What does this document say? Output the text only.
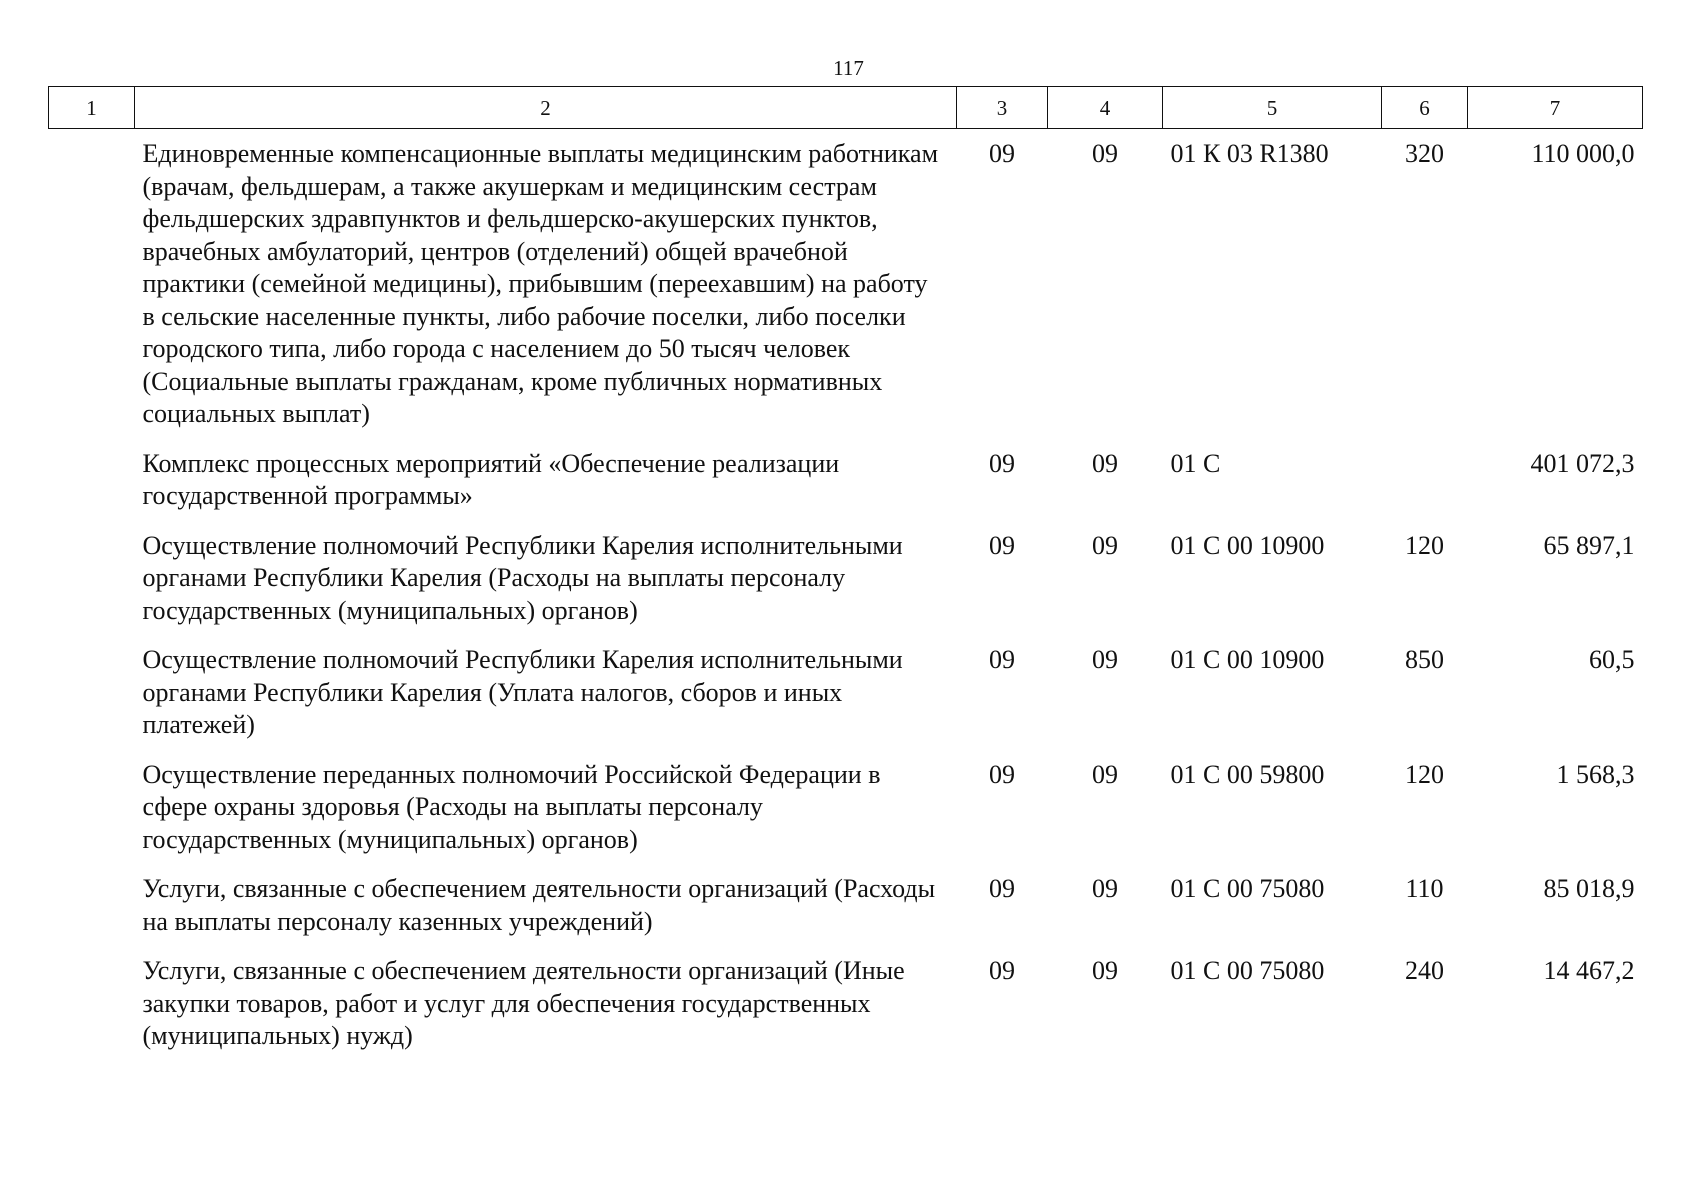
117
1	2	3	4	5	6	7
	Единовременные компенсационные выплаты медицинским работникам (врачам, фельдшерам, а также акушеркам и медицинским сестрам фельдшерских здравпунктов и фельдшерско-акушерских пунктов, врачебных амбулаторий, центров (отделений) общей врачебной практики (семейной медицины), прибывшим (переехавшим) на работу в сельские населенные пункты, либо рабочие поселки, либо поселки городского типа, либо города с населением до 50 тысяч человек (Социальные выплаты гражданам, кроме публичных нормативных социальных выплат)	09	09	01 К 03 R1380	320	110 000,0
	Комплекс процессных мероприятий «Обеспечение реализации государственной программы»	09	09	01 С		401 072,3
	Осуществление полномочий Республики Карелия исполнительными органами Республики Карелия (Расходы на выплаты персоналу государственных (муниципальных) органов)	09	09	01 С 00 10900	120	65 897,1
	Осуществление полномочий Республики Карелия исполнительными органами Республики Карелия (Уплата налогов, сборов и иных платежей)	09	09	01 С 00 10900	850	60,5
	Осуществление переданных полномочий Российской Федерации в сфере охраны здоровья (Расходы на выплаты персоналу государственных (муниципальных) органов)	09	09	01 С 00 59800	120	1 568,3
	Услуги, связанные с обеспечением деятельности организаций (Расходы на выплаты персоналу казенных учреждений)	09	09	01 С 00 75080	110	85 018,9
	Услуги, связанные с обеспечением деятельности организаций (Иные закупки товаров, работ и услуг для обеспечения государственных (муниципальных) нужд)	09	09	01 С 00 75080	240	14 467,2
